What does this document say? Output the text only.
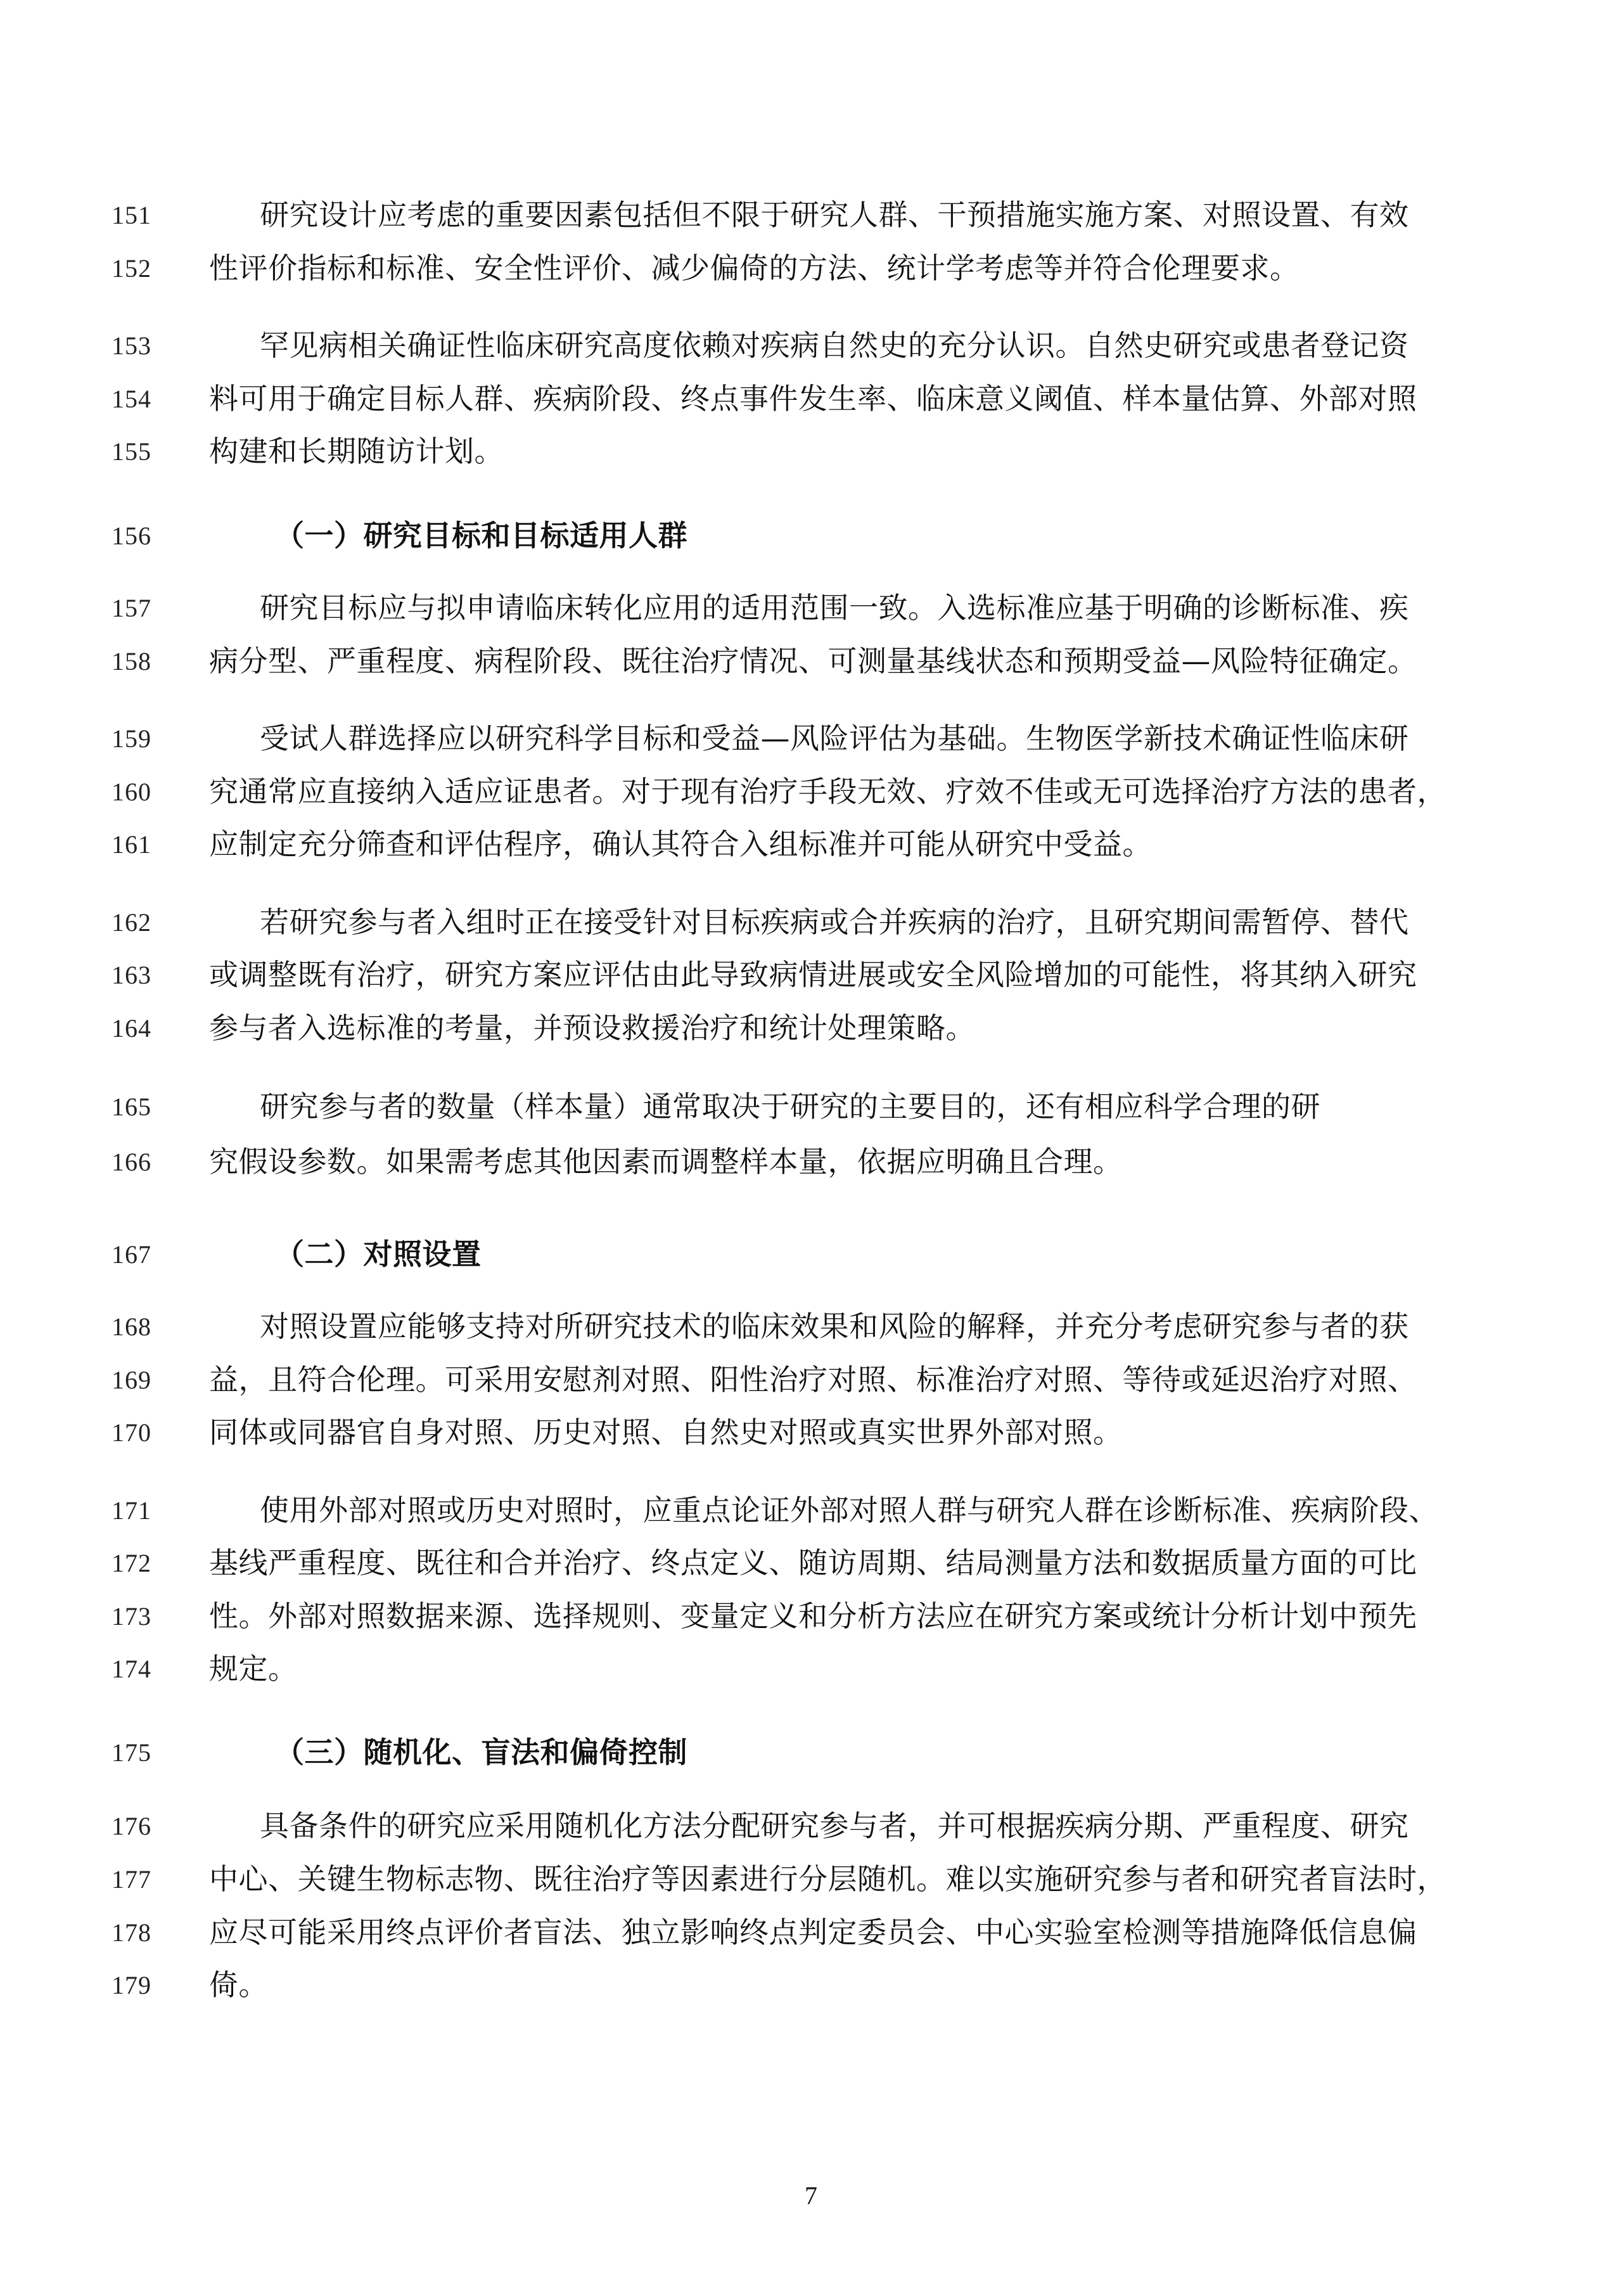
151	研究设计应考虑的重要因素包括但不限于研究人群、干预措施实施方案、对照设置、有效
152 性评价指标和标准、安全性评价、减少偏倚的方法、统计学考虑等并符合伦理要求。
153	罕见病相关确证性临床研究高度依赖对疾病自然史的充分认识。自然史研究或患者登记资
154 料可用于确定目标人群、疾病阶段、终点事件发生率、临床意义阈值、样本量估算、外部对照
155 构建和长期随访计划。
156	（一）研究目标和目标适用人群
157	研究目标应与拟申请临床转化应用的适用范围一致。入选标准应基于明确的诊断标准、疾
158 病分型、严重程度、病程阶段、既往治疗情况、可测量基线状态和预期受益—风险特征确定。
159	受试人群选择应以研究科学目标和受益—风险评估为基础。生物医学新技术确证性临床研
160 究通常应直接纳入适应证患者。对于现有治疗手段无效、疗效不佳或无可选择治疗方法的患者，
161 应制定充分筛查和评估程序，确认其符合入组标准并可能从研究中受益。
162	若研究参与者入组时正在接受针对目标疾病或合并疾病的治疗，且研究期间需暂停、替代
163 或调整既有治疗，研究方案应评估由此导致病情进展或安全风险增加的可能性，将其纳入研究
164 参与者入选标准的考量，并预设救援治疗和统计处理策略。
165	研究参与者的数量（样本量）通常取决于研究的主要目的，还有相应科学合理的研
166 究假设参数。如果需考虑其他因素而调整样本量，依据应明确且合理。
167	（二）对照设置
168	对照设置应能够支持对所研究技术的临床效果和风险的解释，并充分考虑研究参与者的获
169 益，且符合伦理。可采用安慰剂对照、阳性治疗对照、标准治疗对照、等待或延迟治疗对照、
170 同体或同器官自身对照、历史对照、自然史对照或真实世界外部对照。
171	使用外部对照或历史对照时，应重点论证外部对照人群与研究人群在诊断标准、疾病阶段、
172 基线严重程度、既往和合并治疗、终点定义、随访周期、结局测量方法和数据质量方面的可比
173 性。外部对照数据来源、选择规则、变量定义和分析方法应在研究方案或统计分析计划中预先
174 规定。
175	（三）随机化、盲法和偏倚控制
176	具备条件的研究应采用随机化方法分配研究参与者，并可根据疾病分期、严重程度、研究
177 中心、关键生物标志物、既往治疗等因素进行分层随机。难以实施研究参与者和研究者盲法时，
178 应尽可能采用终点评价者盲法、独立影响终点判定委员会、中心实验室检测等措施降低信息偏
179 倚。
7
